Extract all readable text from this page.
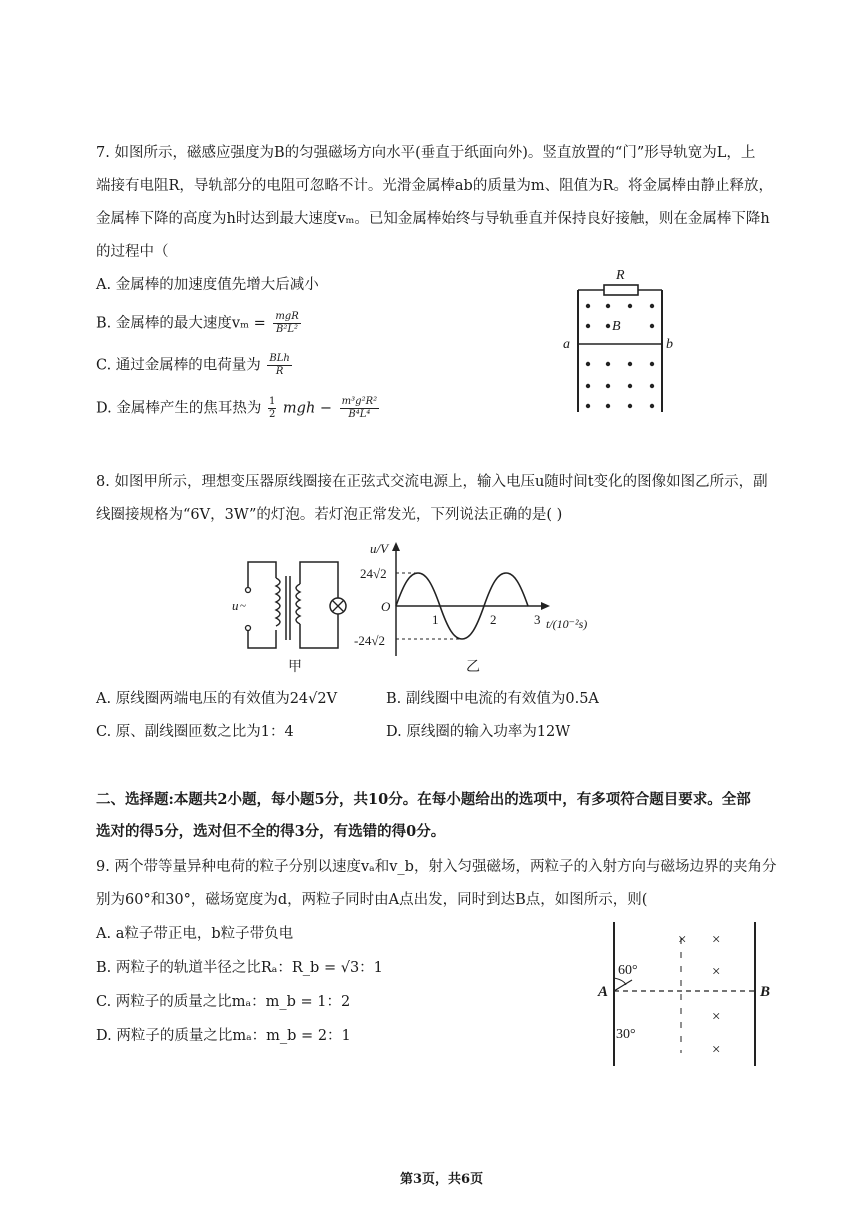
7. 如图所示，磁感应强度为B的匀强磁场方向水平(垂直于纸面向外)。竖直放置的“门”形导轨宽为L，上
端接有电阻R，导轨部分的电阻可忽略不计。光滑金属棒ab的质量为m、阻值为R。将金属棒由静止释放，
金属棒下降的高度为h时达到最大速度vₘ。已知金属棒始终与导轨垂直并保持良好接触，则在金属棒下降h
的过程中（
A. 金属棒的加速度值先增大后减小
B. 金属棒的最大速度vₘ = mgR
B²L²
C. 通过金属棒的电荷量为 BLh
R
D. 金属棒产生的焦耳热为 $\frac{1}{2}$ mgh − $\frac{\text{m³g²R²}}{\text{B⁴L⁴}}$
R
a	b
B
8. 如图甲所示，理想变压器原线圈接在正弦式交流电源上，输入电压u随时间t变化的图像如图乙所示，副
线圈接规格为“6V，3W”的灯泡。若灯泡正常发光，下列说法正确的是( )
u ~
甲
u/V
24√2
-24√2
O
1	2	3 t/(10⁻²s)
乙
A. 原线圈两端电压的有效值为24√2V	B. 副线圈中电流的有效值为0.5A
C. 原、副线圈匝数之比为1：4	D. 原线圈的输入功率为12W
二、选择题:本题共2小题，每小题5分，共10分。在每小题给出的选项中，有多项符合题目要求。全部
选对的得5分，选对但不全的得3分，有选错的得0分。
9. 两个带等量异种电荷的粒子分别以速度vₐ和v_b，射入匀强磁场，两粒子的入射方向与磁场边界的夹角分
别为60°和30°，磁场宽度为d，两粒子同时由A点出发，同时到达B点，如图所示，则(
A. a粒子带正电，b粒子带负电
B. 两粒子的轨道半径之比Rₐ：R_b = √3：1
C. 两粒子的质量之比mₐ：m_b = 1：2
D. 两粒子的质量之比mₐ：m_b = 2：1
A	B
60°
30°
× ×
×
×
×
第3页，共6页
